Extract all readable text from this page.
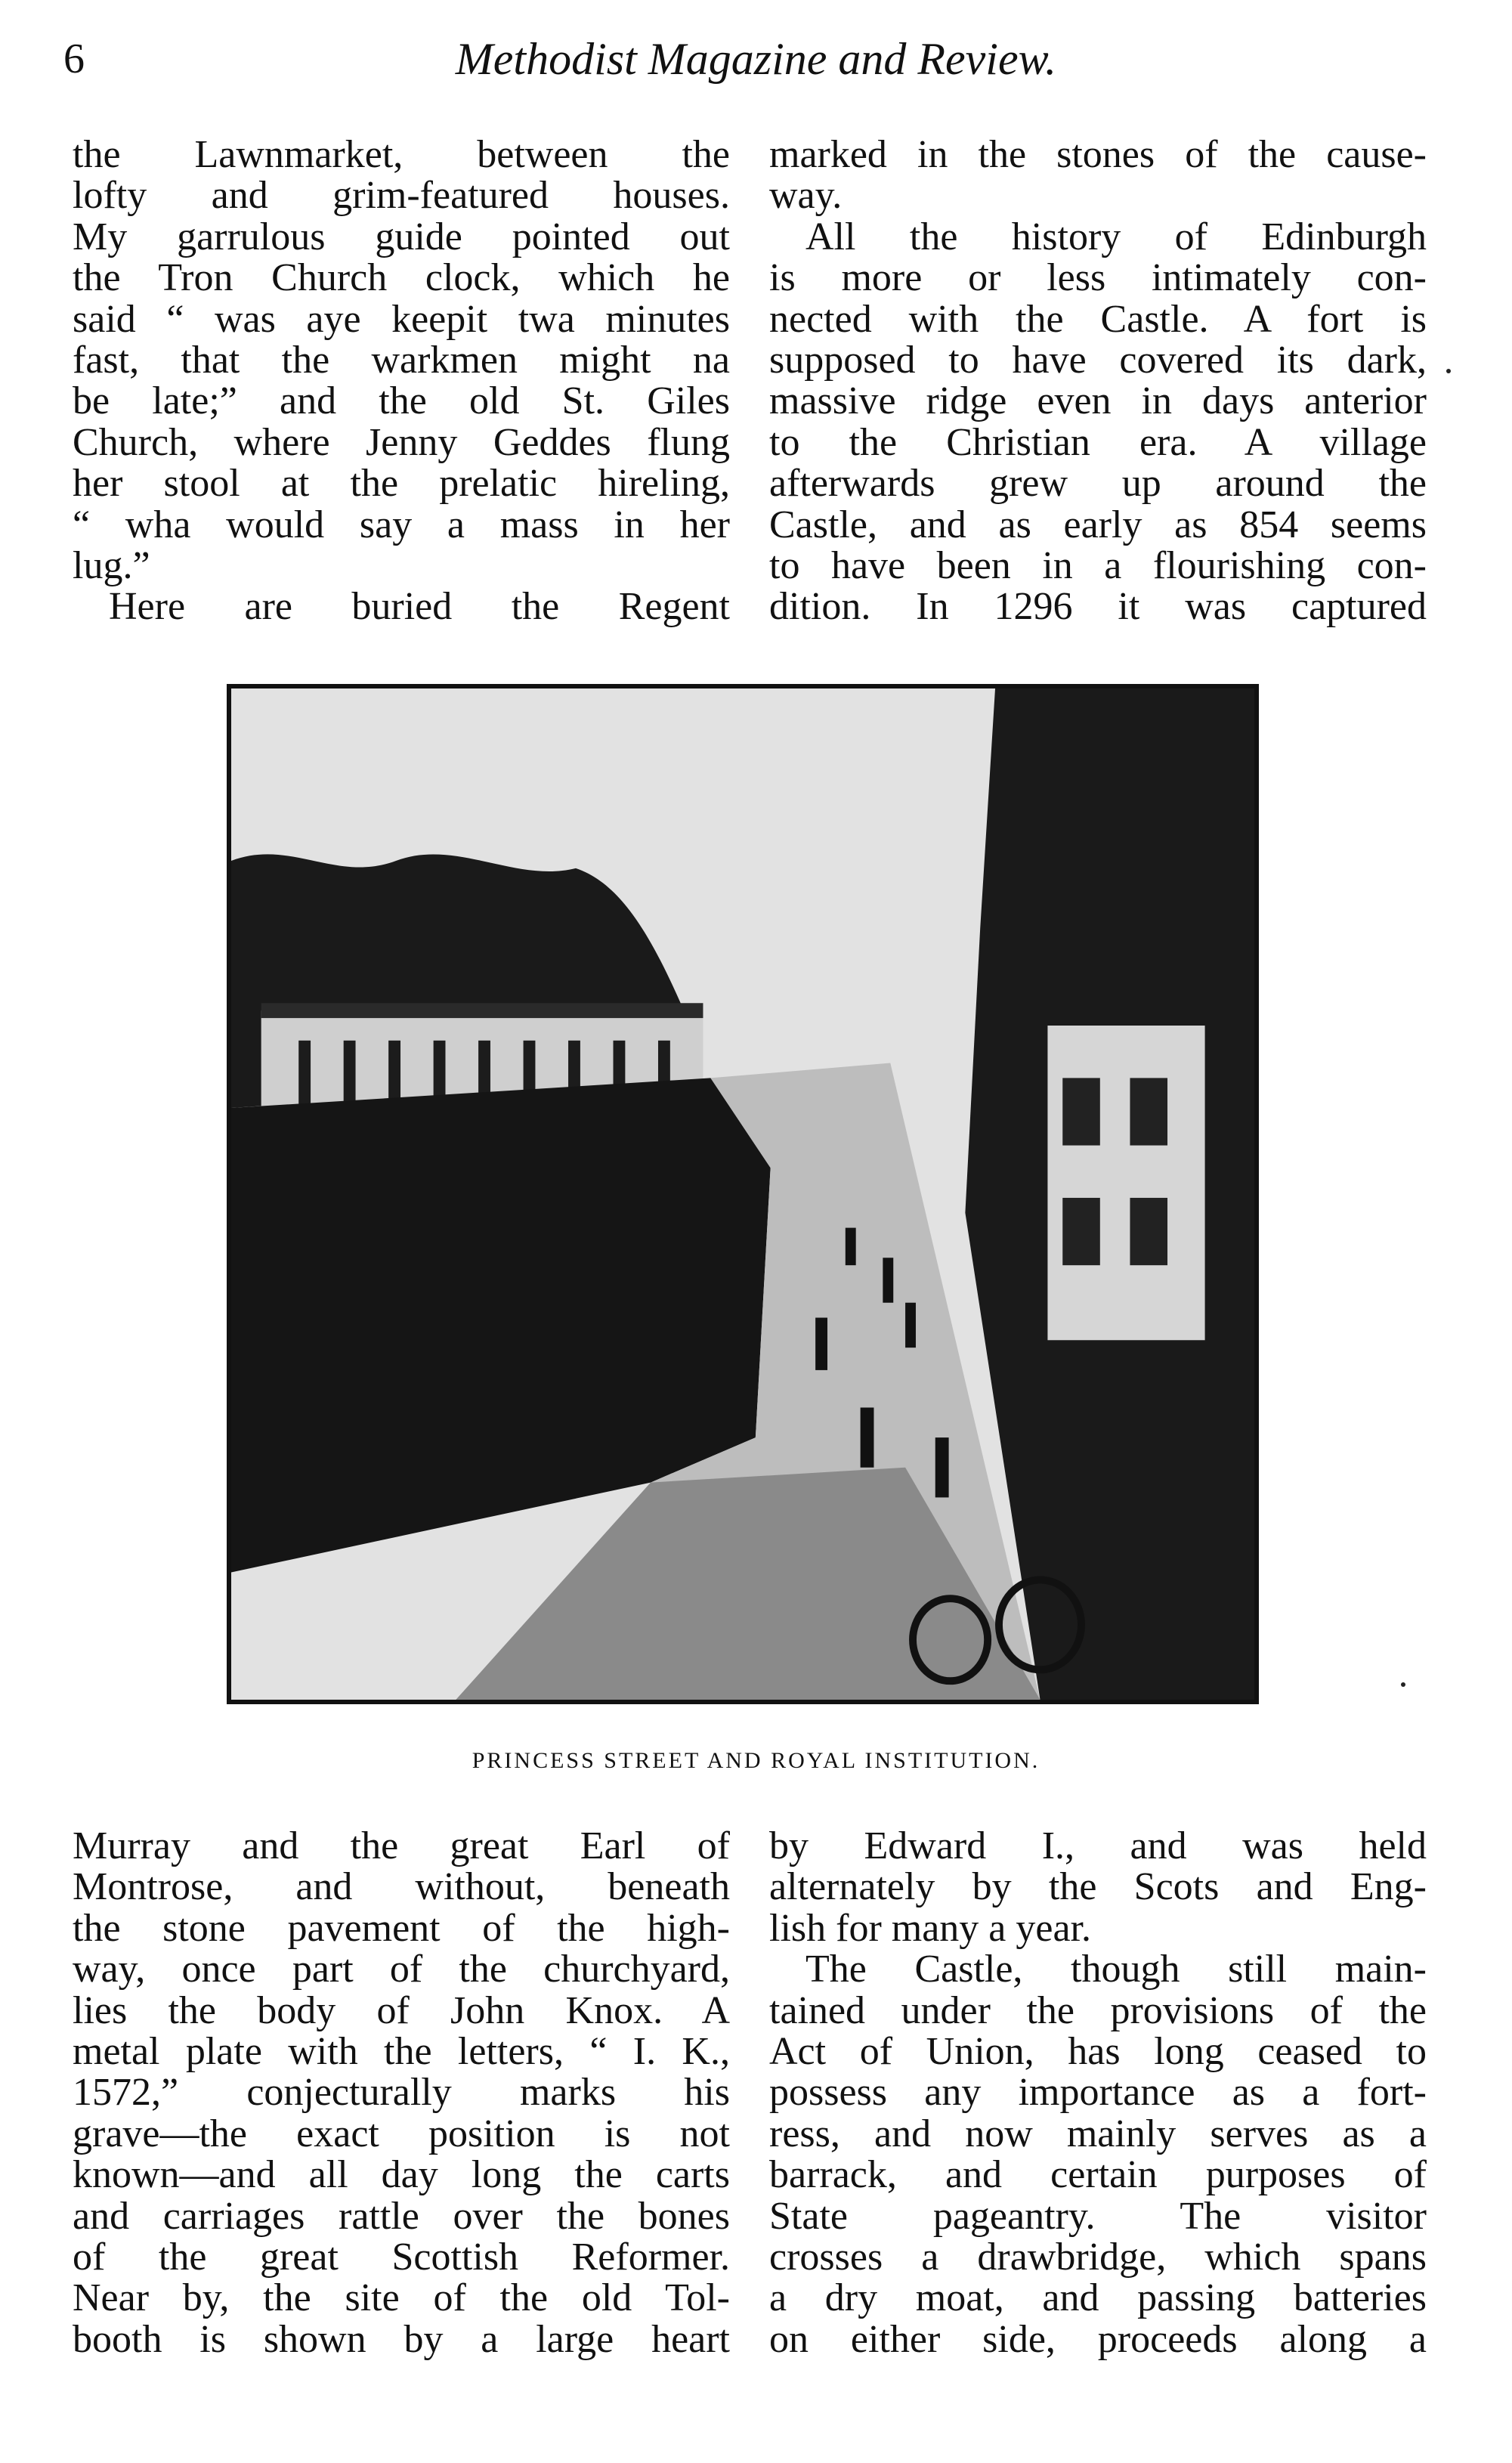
6	Methodist Magazine and Review.

the Lawnmarket, between the

lofty and grim-featured houses.

My garrulous guide pointed out

the Tron Church clock, which he

said “ was aye keepit twa minutes

fast, that the warkmen might na

be late;” and the old St. Giles

Church, where Jenny Geddes flung

her stool at the prelatic hireling,

“ wha would say a mass in her

lug.”

Here are buried the Regent

marked in the stones of the cause-

way.

All the history of Edinburgh

is more or less intimately con-

nected with the Castle. A fort is

supposed to have covered its dark,

massive ridge even in days anterior

to the Christian era. A village

afterwards grew up around the

Castle, and as early as 854 seems

to have been in a flourishing con-

dition. In 1296 it was captured

PRINCESS STREET AND ROYAL INSTITUTION.

Murray and the great Earl of

Montrose, and without, beneath

the stone pavement of the high-

way, once part of the churchyard,

lies the body of John Knox. A

metal plate with the letters, “ I. K.,

1572,” conjecturally marks his

grave—the exact position is not

known—and all day long the carts

and carriages rattle over the bones

of the great Scottish Reformer.

Near by, the site of the old Tol-

booth is shown by a large heart

by Edward I., and was held

alternately by the Scots and Eng-

lish for many a year.

The Castle, though still main-

tained under the provisions of the

Act of Union, has long ceased to

possess any importance as a fort-

ress, and now mainly serves as a

barrack, and certain purposes of

State pageantry. The visitor

crosses a drawbridge, which spans

a dry moat, and passing batteries

on either side, proceeds along a
